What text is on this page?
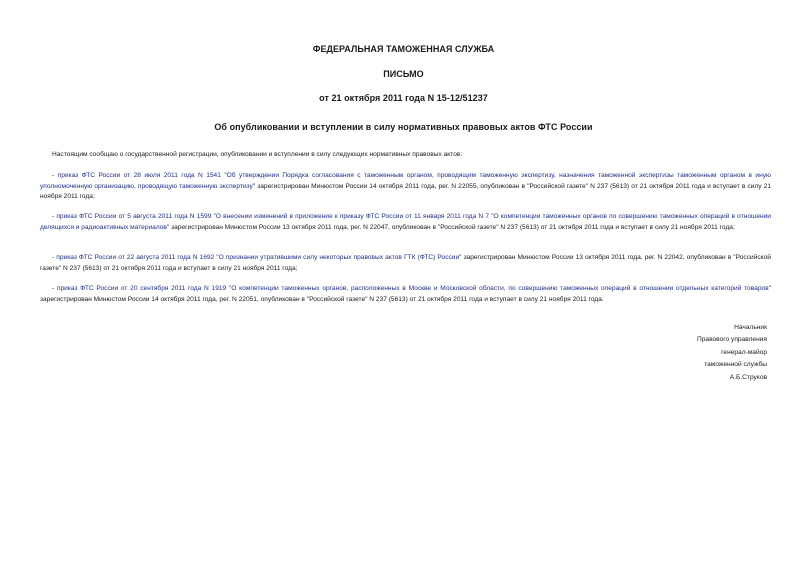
ФЕДЕРАЛЬНАЯ ТАМОЖЕННАЯ СЛУЖБА
ПИСЬМО
от 21 октября 2011 года N 15-12/51237
Об опубликовании и вступлении в силу нормативных правовых актов ФТС России
Настоящим сообщаю о государственной регистрации, опубликовании и вступлении в силу следующих нормативных правовых актов:
- приказ ФТС России от 28 июля 2011 года N 1541 "Об утверждении Порядка согласования с таможенным органом, проводящим таможенную экспертизу, назначения таможенной экспертизы таможенным органом в иную уполномоченную организацию, проводящую таможенную экспертизу" зарегистрирован Минюстом России 14 октября 2011 года, рег. N 22055, опубликован в "Российской газете" N 237 (5613) от 21 октября 2011 года и вступает в силу 21 ноября 2011 года;
- приказ ФТС России от 5 августа 2011 года N 1599 "О внесении изменений в приложение к приказу ФТС России от 11 января 2011 года N 7 "О компетенции таможенных органов по совершению таможенных операций в отношении делящихся и радиоактивных материалов" зарегистрирован Минюстом России 13 октября 2011 года, рег. N 22047, опубликован в "Российской газете" N 237 (5613) от 21 октября 2011 года и вступает в силу 21 ноября 2011 года;
- приказ ФТС России от 22 августа 2011 года N 1692 "О признании утратившими силу некоторых правовых актов ГТК (ФТС) России" зарегистрирован Минюстом России 13 октября 2011 года, рег. N 22042, опубликован в "Российской газете" N 237 (5613) от 21 октября 2011 года и вступает в силу 21 ноября 2011 года;
- приказ ФТС России от 20 сентября 2011 года N 1919 "О компетенции таможенных органов, расположенных в Москве и Московской области, по совершению таможенных операций в отношении отдельных категорий товаров" зарегистрирован Минюстом России 14 октября 2011 года, рег. N 22051, опубликован в "Российской газете" N 237 (5613) от 21 октября 2011 года и вступает в силу 21 ноября 2011 года.
Начальник
Правового управления
генерал-майор
таможенной службы
А.Б.Струков
